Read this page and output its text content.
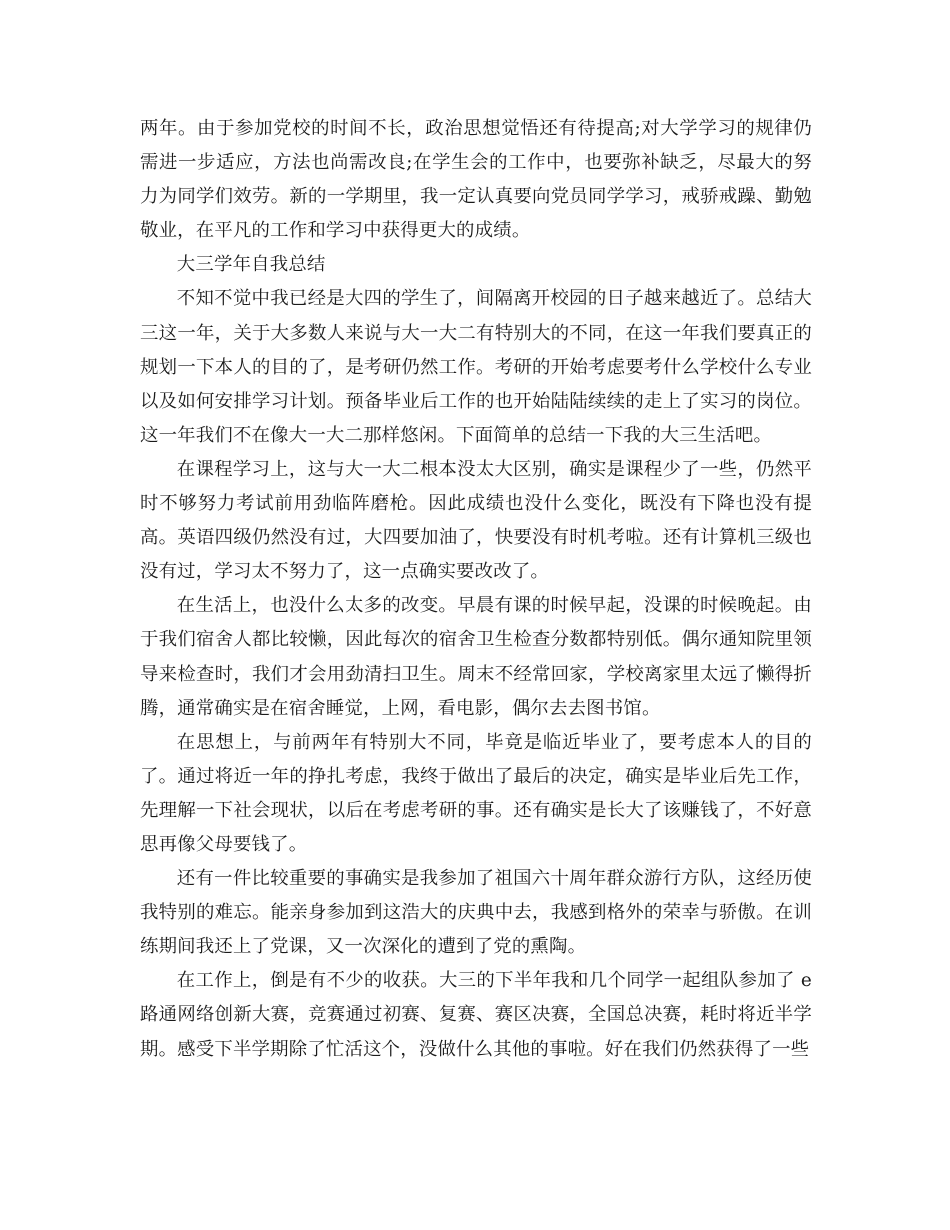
两年。由于参加党校的时间不长，政治思想觉悟还有待提高;对大学学习的规律仍需进一步适应，方法也尚需改良;在学生会的工作中，也要弥补缺乏，尽最大的努力为同学们效劳。新的一学期里，我一定认真要向党员同学学习，戒骄戒躁、勤勉敬业，在平凡的工作和学习中获得更大的成绩。

大三学年自我总结

不知不觉中我已经是大四的学生了，间隔离开校园的日子越来越近了。总结大三这一年，关于大多数人来说与大一大二有特别大的不同，在这一年我们要真正的规划一下本人的目的了，是考研仍然工作。考研的开始考虑要考什么学校什么专业以及如何安排学习计划。预备毕业后工作的也开始陆陆续续的走上了实习的岗位。这一年我们不在像大一大二那样悠闲。下面简单的总结一下我的大三生活吧。

在课程学习上，这与大一大二根本没太大区别，确实是课程少了一些，仍然平时不够努力考试前用劲临阵磨枪。因此成绩也没什么变化，既没有下降也没有提高。英语四级仍然没有过，大四要加油了，快要没有时机考啦。还有计算机三级也没有过，学习太不努力了，这一点确实要改改了。

在生活上，也没什么太多的改变。早晨有课的时候早起，没课的时候晚起。由于我们宿舍人都比较懒，因此每次的宿舍卫生检查分数都特别低。偶尔通知院里领导来检查时，我们才会用劲清扫卫生。周末不经常回家，学校离家里太远了懒得折腾，通常确实是在宿舍睡觉，上网，看电影，偶尔去去图书馆。

在思想上，与前两年有特别大不同，毕竟是临近毕业了，要考虑本人的目的了。通过将近一年的挣扎考虑，我终于做出了最后的决定，确实是毕业后先工作，先理解一下社会现状，以后在考虑考研的事。还有确实是长大了该赚钱了，不好意思再像父母要钱了。

还有一件比较重要的事确实是我参加了祖国六十周年群众游行方队，这经历使我特别的难忘。能亲身参加到这浩大的庆典中去，我感到格外的荣幸与骄傲。在训练期间我还上了党课，又一次深化的遭到了党的熏陶。

在工作上，倒是有不少的收获。大三的下半年我和几个同学一起组队参加了 e 路通网络创新大赛，竞赛通过初赛、复赛、赛区决赛，全国总决赛，耗时将近半学期。感受下半学期除了忙活这个，没做什么其他的事啦。好在我们仍然获得了一些
